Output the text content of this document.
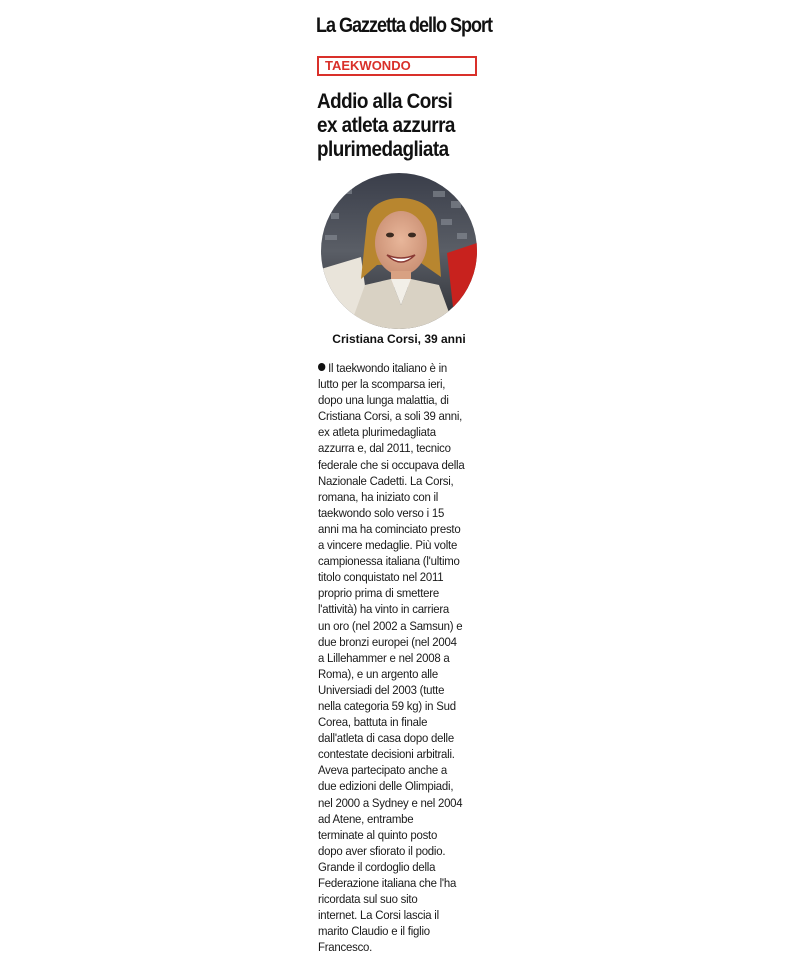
La Gazzetta dello Sport
TAEKWONDO
Addio alla Corsi
ex atleta azzurra
plurimedagliata
Cristiana Corsi, 39 anni
Il taekwondo italiano è in
lutto per la scomparsa ieri,
dopo una lunga malattia, di
Cristiana Corsi, a soli 39 anni,
ex atleta plurimedagliata
azzurra e, dal 2011, tecnico
federale che si occupava della
Nazionale Cadetti. La Corsi,
romana, ha iniziato con il
taekwondo solo verso i 15
anni ma ha cominciato presto
a vincere medaglie. Più volte
campionessa italiana (l'ultimo
titolo conquistato nel 2011
proprio prima di smettere
l'attività) ha vinto in carriera
un oro (nel 2002 a Samsun) e
due bronzi europei (nel 2004
a Lillehammer e nel 2008 a
Roma), e un argento alle
Universiadi del 2003 (tutte
nella categoria 59 kg) in Sud
Corea, battuta in finale
dall'atleta di casa dopo delle
contestate decisioni arbitrali.
Aveva partecipato anche a
due edizioni delle Olimpiadi,
nel 2000 a Sydney e nel 2004
ad Atene, entrambe
terminate al quinto posto
dopo aver sfiorato il podio.
Grande il cordoglio della
Federazione italiana che l'ha
ricordata sul suo sito
internet. La Corsi lascia il
marito Claudio e il figlio
Francesco.
